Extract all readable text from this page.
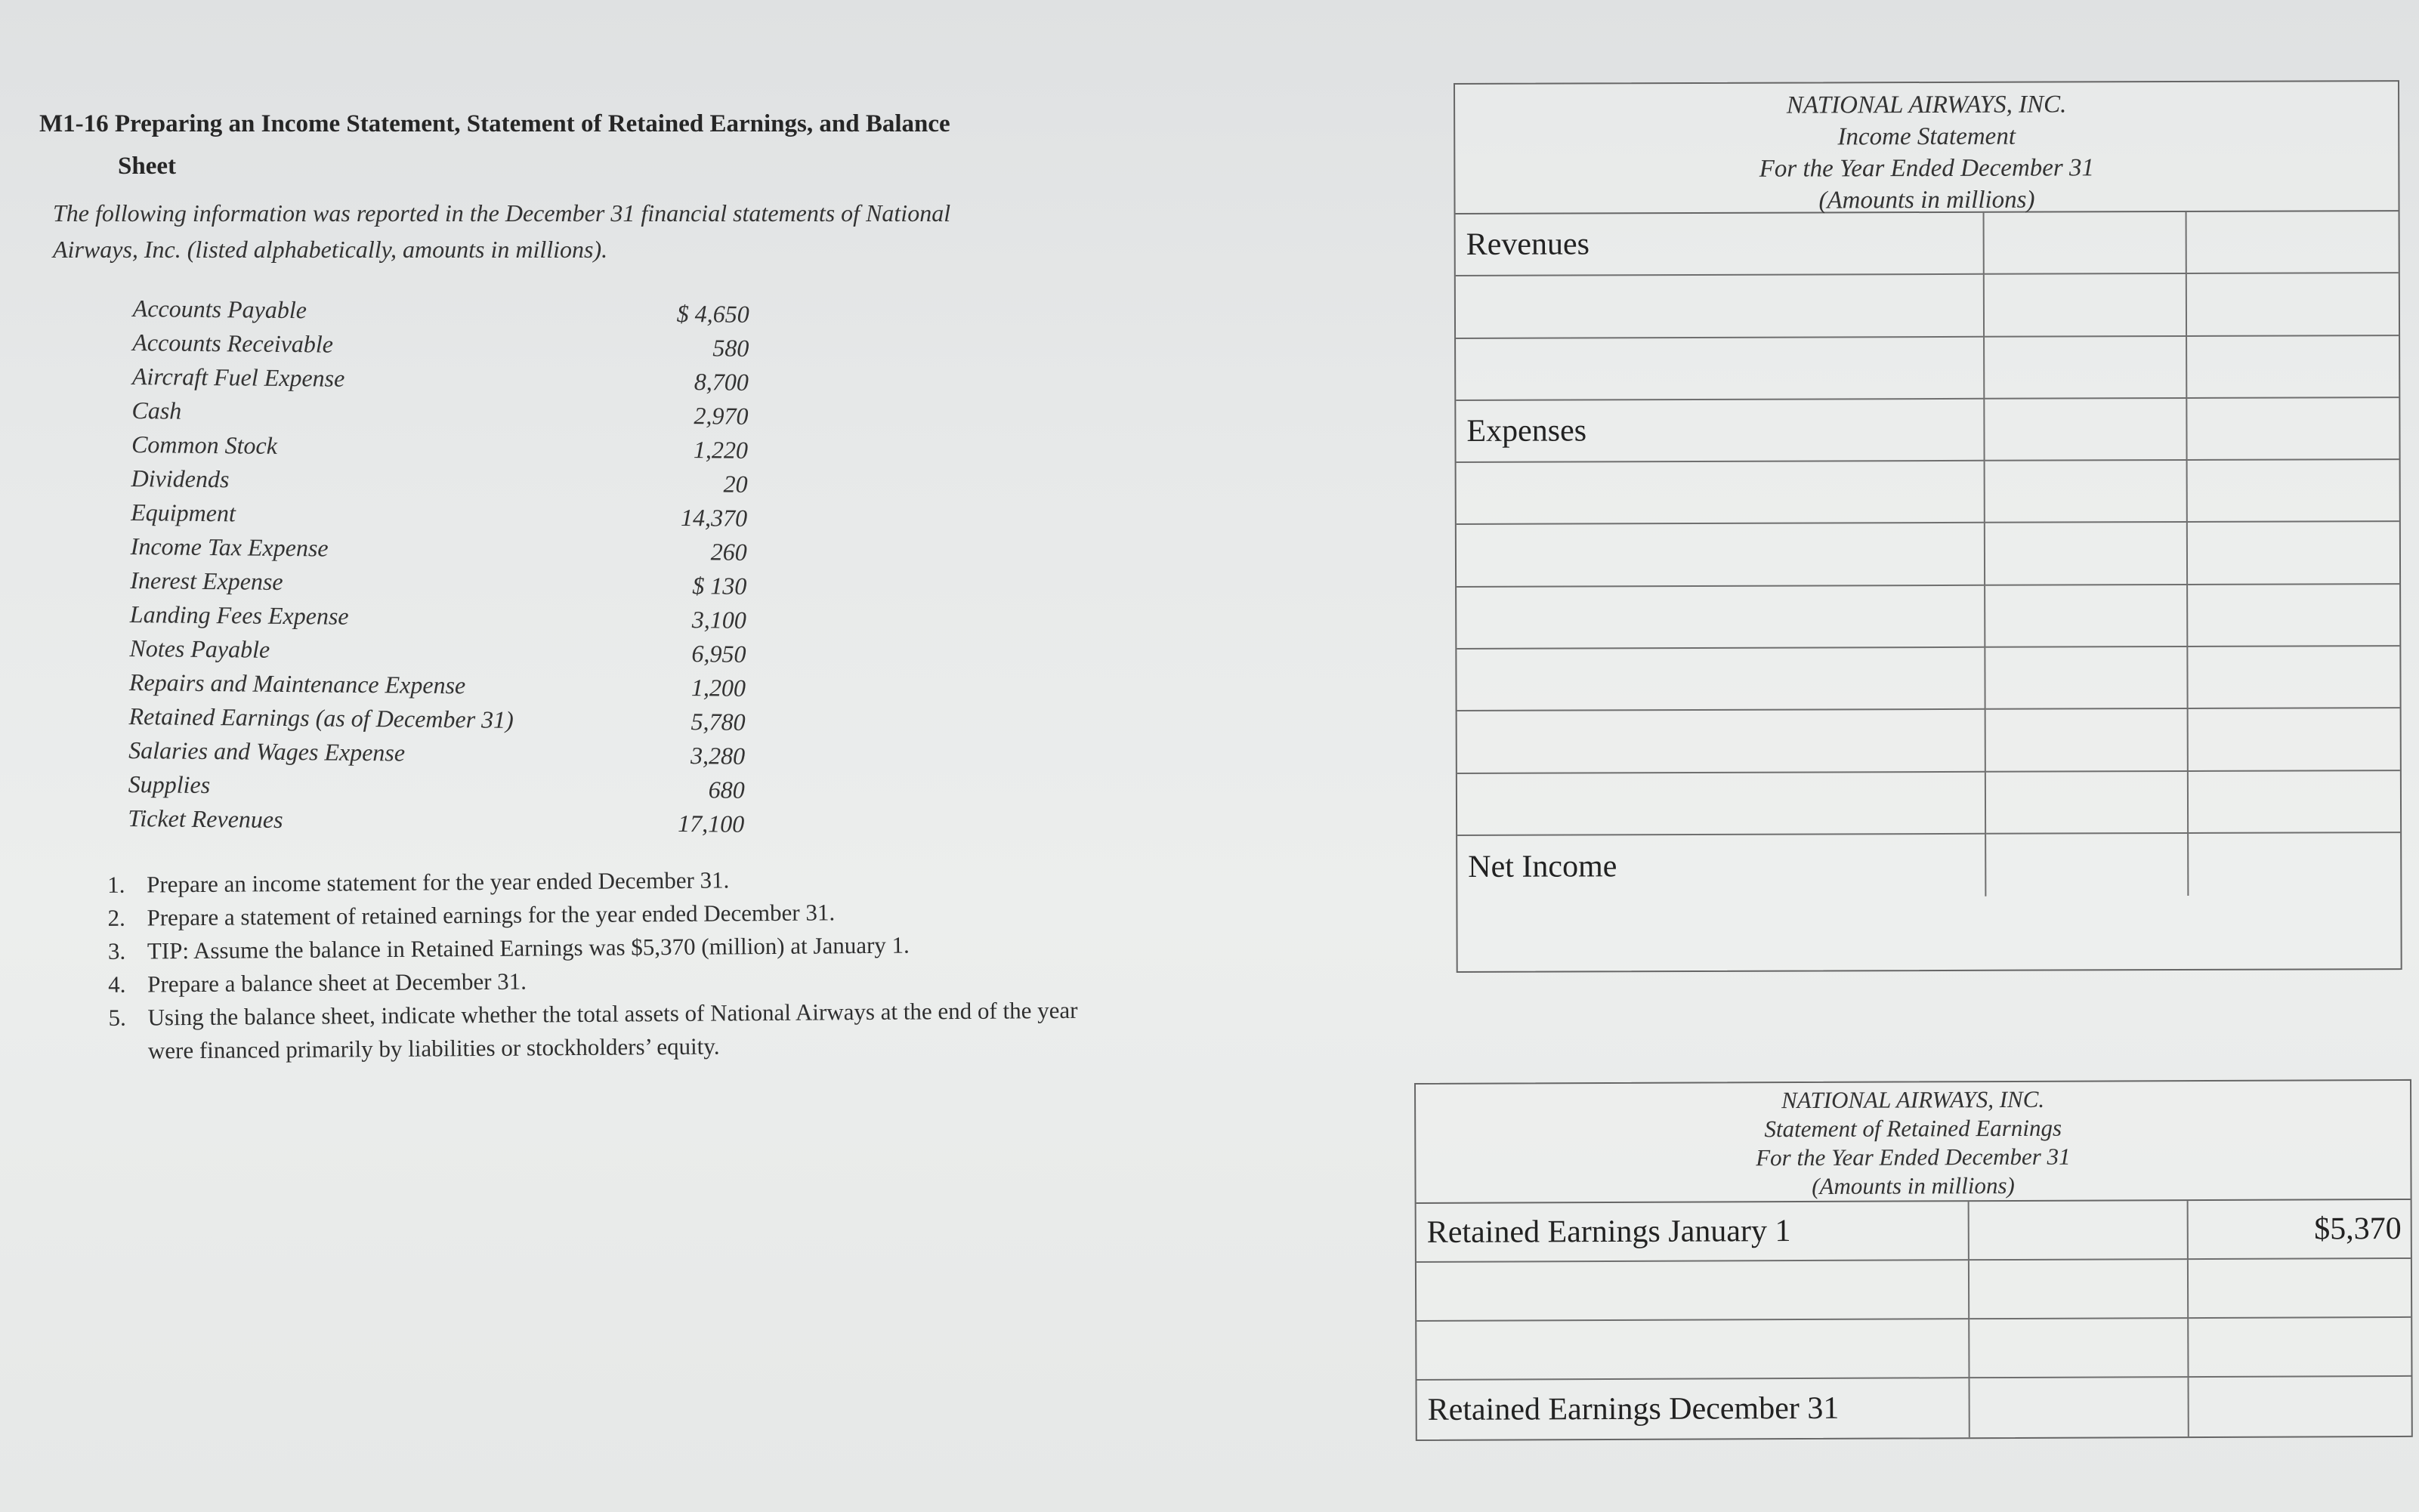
M1-16 Preparing an Income Statement, Statement of Retained Earnings, and Balance
Sheet
The following information was reported in the December 31 financial statements of National
Airways, Inc. (listed alphabetically, amounts in millions).
Accounts Payable	$ 4,650
Accounts Receivable	580
Aircraft Fuel Expense	8,700
Cash	2,970
Common Stock	1,220
Dividends	20
Equipment	14,370
Income Tax Expense	260
Inerest Expense	$ 130
Landing Fees Expense	3,100
Notes Payable	6,950
Repairs and Maintenance Expense	1,200
Retained Earnings (as of December 31)	5,780
Salaries and Wages Expense	3,280
Supplies	680
Ticket Revenues	17,100
1. Prepare an income statement for the year ended December 31.
2. Prepare a statement of retained earnings for the year ended December 31.
3. TIP: Assume the balance in Retained Earnings was $5,370 (million) at January 1.
4. Prepare a balance sheet at December 31.
5. Using the balance sheet, indicate whether the total assets of National Airways at the end of the year were financed primarily by liabilities or stockholders’ equity.
NATIONAL AIRWAYS, INC.
Income Statement
For the Year Ended December 31
(Amounts in millions)
Revenues
Expenses
Net Income
NATIONAL AIRWAYS, INC.
Statement of Retained Earnings
For the Year Ended December 31
(Amounts in millions)
Retained Earnings January 1	$5,370
Retained Earnings December 31
